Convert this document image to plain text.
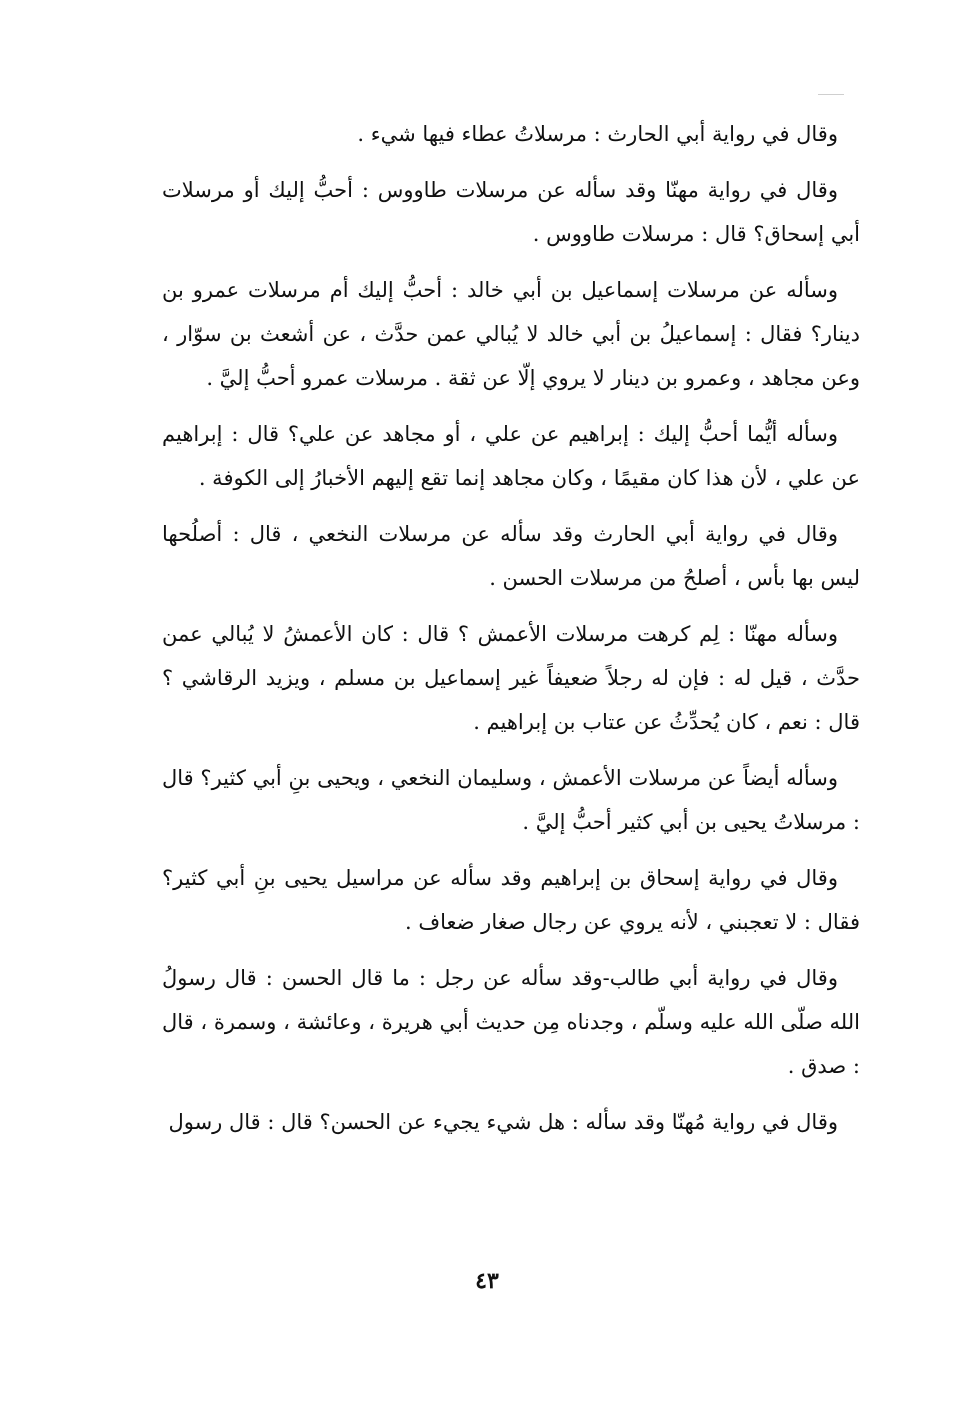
وقال في رواية أبي الحارث : مرسلاتُ عطاء فيها شيء .

وقال في رواية مهنّا وقد سأله عن مرسلات طاووس : أحبُّ إليك أو مرسلات أبي إسحاق؟ قال : مرسلات طاووس .

وسأله عن مرسلات إسماعيل بن أبي خالد : أحبُّ إليك أم مرسلات عمرو بن دينار؟ فقال : إسماعيلُ بن أبي خالد لا يُبالي عمن حدَّث ، عن أشعث بن سوّار ، وعن مجاهد ، وعمرو بن دينار لا يروي إلّا عن ثقة . مرسلات عمرو أحبُّ إليَّ .

وسأله أيُّما أحبُّ إليك : إبراهيم عن علي ، أو مجاهد عن علي؟ قال : إبراهيم عن علي ، لأن هذا كان مقيمًا ، وكان مجاهد إنما تقع إليهم الأخبارُ إلى الكوفة .

وقال في رواية أبي الحارث وقد سأله عن مرسلات النخعي ، قال : أصلُحها ليس بها بأس ، أصلحُ من مرسلات الحسن .

وسأله مهنّا : لِم كرهت مرسلات الأعمش ؟ قال : كان الأعمشُ لا يُبالي عمن حدَّث ، قيل له : فإن له رجلاً ضعيفاً غير إسماعيل بن مسلم ، ويزيد الرقاشي ؟ قال : نعم ، كان يُحدِّثُ عن عتاب بن إبراهيم .

وسأله أيضاً عن مرسلات الأعمش ، وسليمان النخعي ، ويحيى بنِ أبي كثير؟ قال : مرسلاتُ يحيى بن أبي كثير أحبُّ إليَّ .

وقال في رواية إسحاق بن إبراهيم وقد سأله عن مراسيل يحيى بنِ أبي كثير؟ فقال : لا تعجبني ، لأنه يروي عن رجال صغار ضعاف .

وقال في رواية أبي طالب-وقد سأله عن رجل : ما قال الحسن : قال رسولُ الله صلّى الله عليه وسلّم ، وجدناه مِن حديث أبي هريرة ، وعائشة ، وسمرة ، قال : صدق .

وقال في رواية مُهنّا وقد سأله : هل شيء يجيء عن الحسن؟ قال : قال رسول

٤٣
